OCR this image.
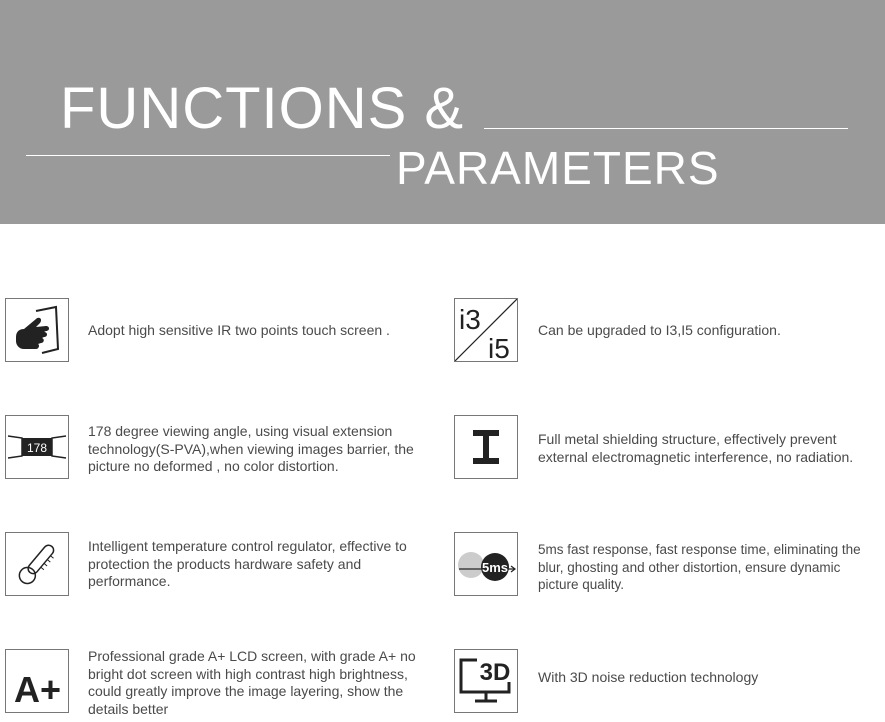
FUNCTIONS &
PARAMETERS
Adopt high sensitive IR two points touch screen .	i3
i5
Can be upgraded to I3,I5 configuration.
178
178 degree viewing angle, using visual extension technology(S-PVA),when viewing images barrier, the picture no deformed , no color distortion.
Full metal shielding structure, effectively prevent external electromagnetic interference, no radiation.
Intelligent temperature control regulator, effective to protection the products hardware safety and performance.
5ms
5ms fast response, fast response time, eliminating the blur, ghosting and other distortion, ensure dynamic picture quality.
A+
Professional grade A+ LCD screen, with grade A+ no bright dot screen with high contrast high brightness, could greatly improve the image layering, show the details better
3D With 3D noise reduction technology
